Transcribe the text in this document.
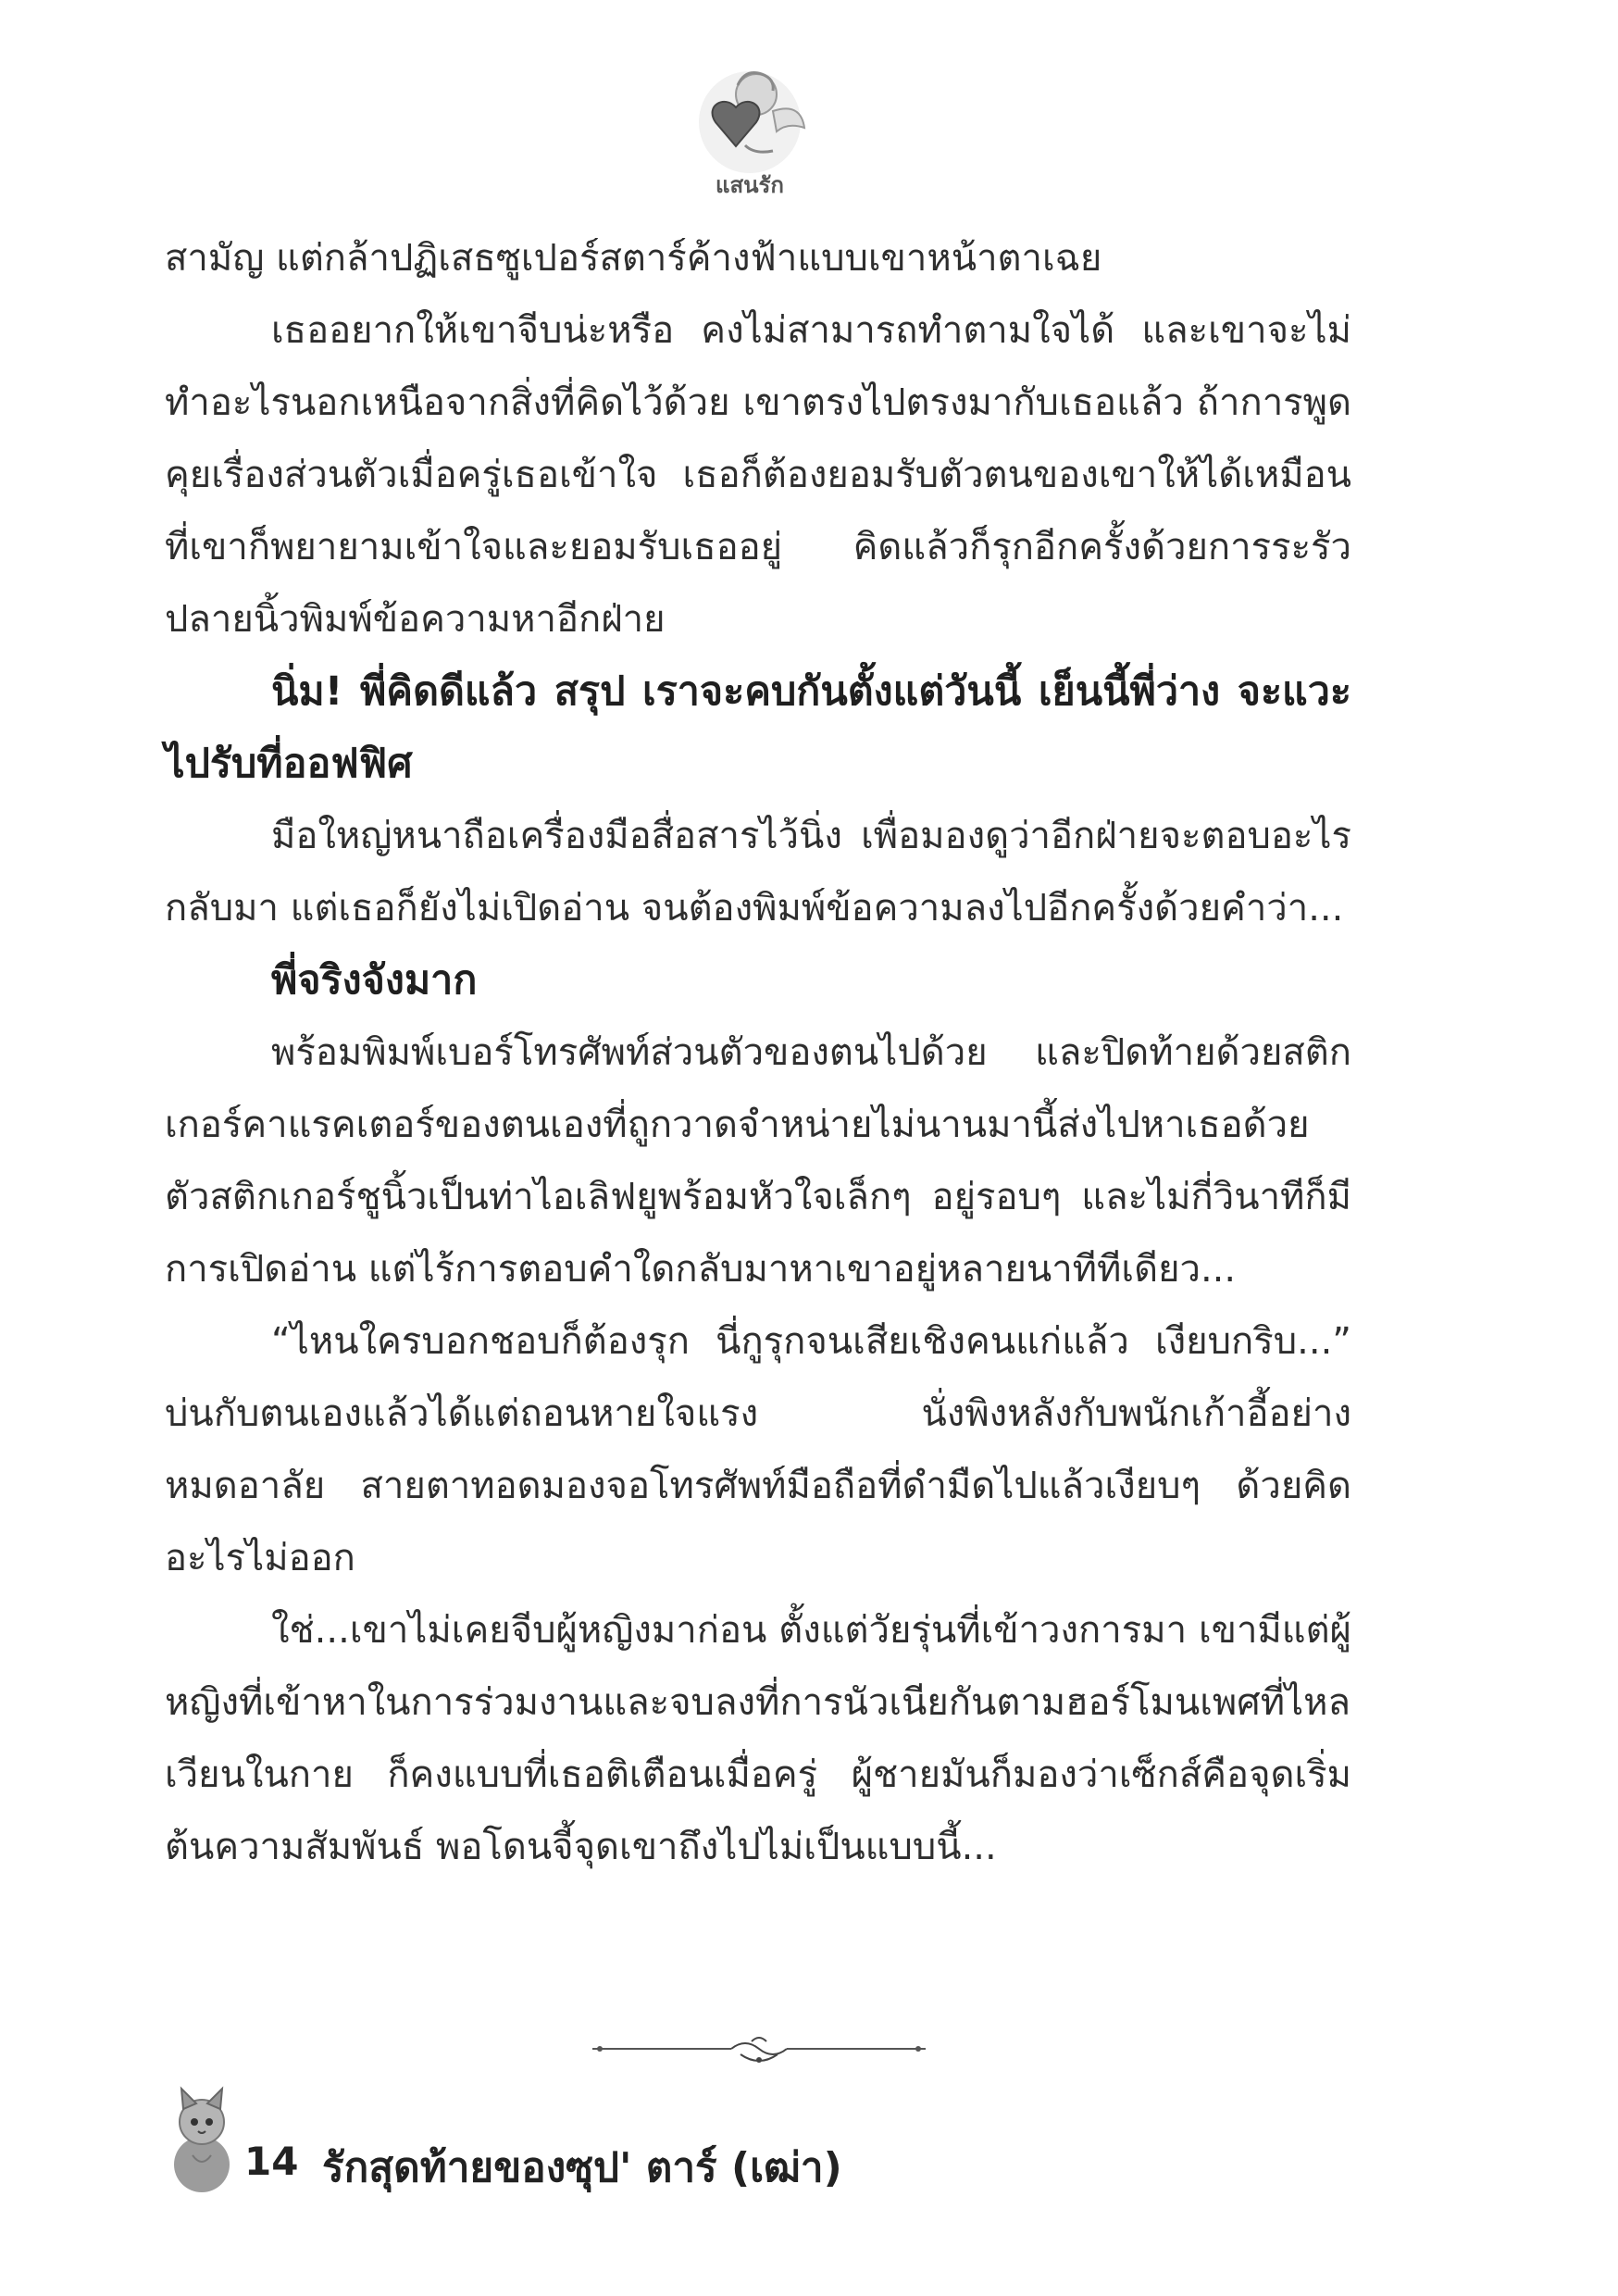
แสนรัก

สามัญ แต่กล้าปฏิเสธซูเปอร์สตาร์ค้างฟ้าแบบเขาหน้าตาเฉย

เธออยากให้เขาจีบน่ะหรือ คงไม่สามารถทำตามใจได้ และเขาจะไม่ทำอะไรนอกเหนือจากสิ่งที่คิดไว้ด้วย เขาตรงไปตรงมากับเธอแล้ว ถ้าการพูดคุยเรื่องส่วนตัวเมื่อครู่เธอเข้าใจ เธอก็ต้องยอมรับตัวตนของเขาให้ได้เหมือนที่เขาก็พยายามเข้าใจและยอมรับเธออยู่ คิดแล้วก็รุกอีกครั้งด้วยการระรัวปลายนิ้วพิมพ์ข้อความหาอีกฝ่าย

นิ่ม! พี่คิดดีแล้ว สรุป เราจะคบกันตั้งแต่วันนี้ เย็นนี้พี่ว่าง จะแวะไปรับที่ออฟฟิศ

มือใหญ่หนาถือเครื่องมือสื่อสารไว้นิ่ง เพื่อมองดูว่าอีกฝ่ายจะตอบอะไรกลับมา แต่เธอก็ยังไม่เปิดอ่าน จนต้องพิมพ์ข้อความลงไปอีกครั้งด้วยคำว่า...

พี่จริงจังมาก

พร้อมพิมพ์เบอร์โทรศัพท์ส่วนตัวของตนไปด้วย และปิดท้ายด้วยสติกเกอร์คาแรคเตอร์ของตนเองที่ถูกวาดจำหน่ายไม่นานมานี้ส่งไปหาเธอด้วยตัวสติกเกอร์ชูนิ้วเป็นท่าไอเลิฟยูพร้อมหัวใจเล็กๆ อยู่รอบๆ และไม่กี่วินาทีก็มีการเปิดอ่าน แต่ไร้การตอบคำใดกลับมาหาเขาอยู่หลายนาทีทีเดียว...

“ไหนใครบอกชอบก็ต้องรุก นี่กูรุกจนเสียเชิงคนแก่แล้ว เงียบกริบ...” บ่นกับตนเองแล้วได้แต่ถอนหายใจแรง นั่งพิงหลังกับพนักเก้าอี้อย่างหมดอาลัย สายตาทอดมองจอโทรศัพท์มือถือที่ดำมืดไปแล้วเงียบๆ ด้วยคิดอะไรไม่ออก

ใช่...เขาไม่เคยจีบผู้หญิงมาก่อน ตั้งแต่วัยรุ่นที่เข้าวงการมา เขามีแต่ผู้หญิงที่เข้าหาในการร่วมงานและจบลงที่การนัวเนียกันตามฮอร์โมนเพศที่ไหลเวียนในกาย ก็คงแบบที่เธอติเตือนเมื่อครู่ ผู้ชายมันก็มองว่าเซ็กส์คือจุดเริ่มต้นความสัมพันธ์ พอโดนจี้จุดเขาถึงไปไม่เป็นแบบนี้...

14 รักสุดท้ายของซุป' ตาร์ (เฒ่า)
